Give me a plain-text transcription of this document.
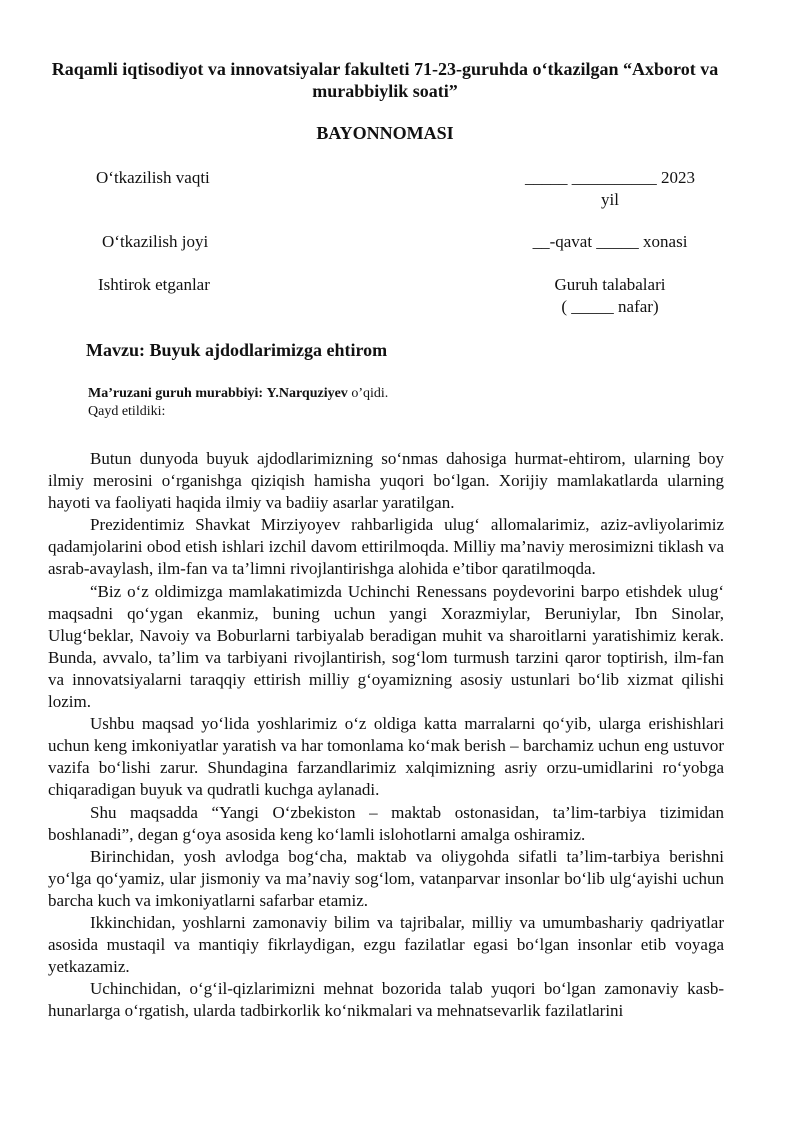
Raqamli iqtisodiyot va innovatsiyalar fakulteti 71-23-guruhda o‘tkazilgan “Axborot va murabbiylik soati”
BAYONNOMASI
O‘tkazilish vaqti	_____ __________ 2023
yil
O‘tkazilish joyi	__-qavat _____ xonasi
Ishtirok etganlar	Guruh talabalari
( _____ nafar)
Mavzu: Buyuk ajdodlarimizga ehtirom
Ma’ruzani guruh murabbiyi: Y.Narquziyev o’qidi.
Qayd etildiki:

Butun dunyoda buyuk ajdodlarimizning so‘nmas dahosiga hurmat-ehtirom, ularning boy ilmiy merosini o‘rganishga qiziqish hamisha yuqori bo‘lgan. Xorijiy mamlakatlarda ularning hayoti va faoliyati haqida ilmiy va badiiy asarlar yaratilgan.

Prezidentimiz Shavkat Mirziyoyev rahbarligida ulug‘ allomalarimiz, aziz-avliyolarimiz qadamjolarini obod etish ishlari izchil davom ettirilmoqda. Milliy ma’naviy merosimizni tiklash va asrab-avaylash, ilm-fan va ta’limni rivojlantirishga alohida e’tibor qaratilmoqda.

“Biz o‘z oldimizga mamlakatimizda Uchinchi Renessans poydevorini barpo etishdek ulug‘ maqsadni qo‘ygan ekanmiz, buning uchun yangi Xorazmiylar, Beruniylar, Ibn Sinolar, Ulug‘beklar, Navoiy va Boburlarni tarbiyalab beradigan muhit va sharoitlarni yaratishimiz kerak. Bunda, avvalo, ta’lim va tarbiyani rivojlantirish, sog‘lom turmush tarzini qaror toptirish, ilm-fan va innovatsiyalarni taraqqiy ettirish milliy g‘oyamizning asosiy ustunlari bo‘lib xizmat qilishi lozim.

Ushbu maqsad yo‘lida yoshlarimiz o‘z oldiga katta marralarni qo‘yib, ularga erishishlari uchun keng imkoniyatlar yaratish va har tomonlama ko‘mak berish – barchamiz uchun eng ustuvor vazifa bo‘lishi zarur. Shundagina farzandlarimiz xalqimizning asriy orzu-umidlarini ro‘yobga chiqaradigan buyuk va qudratli kuchga aylanadi.

Shu maqsadda “Yangi O‘zbekiston – maktab ostonasidan, ta’lim-tarbiya tizimidan boshlanadi”, degan g‘oya asosida keng ko‘lamli islohotlarni amalga oshiramiz.

Birinchidan, yosh avlodga bog‘cha, maktab va oliygohda sifatli ta’lim-tarbiya berishni yo‘lga qo‘yamiz, ular jismoniy va ma’naviy sog‘lom, vatanparvar insonlar bo‘lib ulg‘ayishi uchun barcha kuch va imkoniyatlarni safarbar etamiz.

Ikkinchidan, yoshlarni zamonaviy bilim va tajribalar, milliy va umumbashariy qadriyatlar asosida mustaqil va mantiqiy fikrlaydigan, ezgu fazilatlar egasi bo‘lgan insonlar etib voyaga yetkazamiz.

Uchinchidan, o‘g‘il-qizlarimizni mehnat bozorida talab yuqori bo‘lgan zamonaviy kasb-hunarlarga o‘rgatish, ularda tadbirkorlik ko‘nikmalari va mehnatsevarlik fazilatlarini
